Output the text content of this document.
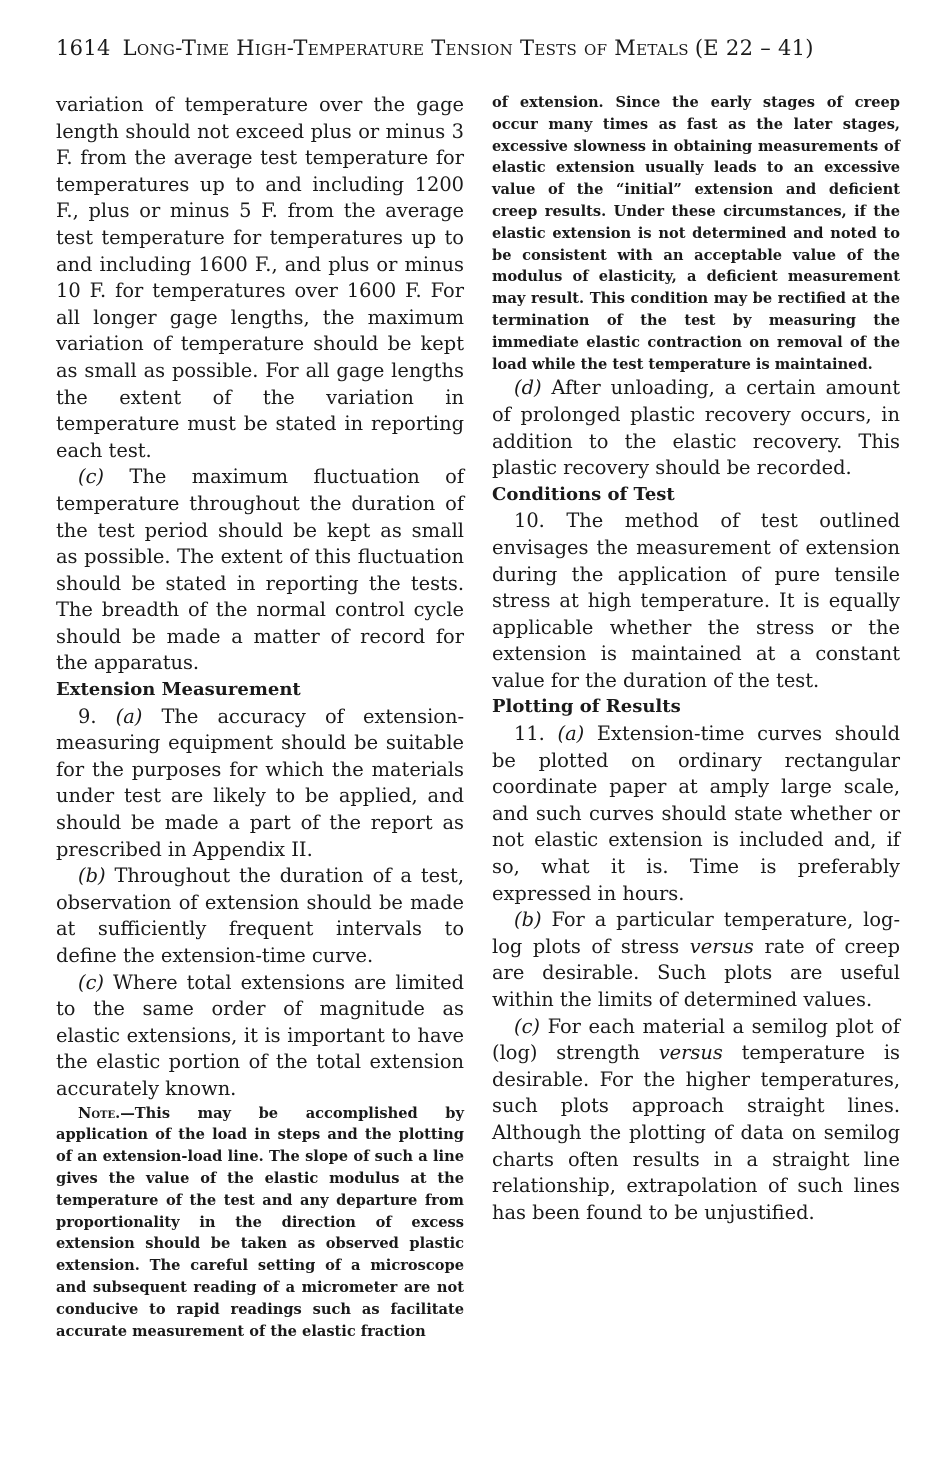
1614 Long-Time High-Temperature Tension Tests of Metals (E 22 – 41)

variation of temperature over the gage length should not exceed plus or minus 3 F. from the average test temperature for temperatures up to and including 1200 F., plus or minus 5 F. from the average test temperature for temperatures up to and including 1600 F., and plus or minus 10 F. for temperatures over 1600 F. For all longer gage lengths, the maximum variation of temperature should be kept as small as possible. For all gage lengths the extent of the variation in temperature must be stated in reporting each test.

(c) The maximum fluctuation of temperature throughout the duration of the test period should be kept as small as possible. The extent of this fluctuation should be stated in reporting the tests. The breadth of the normal control cycle should be made a matter of record for the apparatus.

Extension Measurement

9. (a) The accuracy of extension-measuring equipment should be suitable for the purposes for which the materials under test are likely to be applied, and should be made a part of the report as prescribed in Appendix II.

(b) Throughout the duration of a test, observation of extension should be made at sufficiently frequent intervals to define the extension-time curve.

(c) Where total extensions are limited to the same order of magnitude as elastic extensions, it is important to have the elastic portion of the total extension accurately known.

Note.—This may be accomplished by application of the load in steps and the plotting of an extension-load line. The slope of such a line gives the value of the elastic modulus at the temperature of the test and any departure from proportionality in the direction of excess extension should be taken as observed plastic extension. The careful setting of a microscope and subsequent reading of a micrometer are not conducive to rapid readings such as facilitate accurate measurement of the elastic fraction

of extension. Since the early stages of creep occur many times as fast as the later stages, excessive slowness in obtaining measurements of elastic extension usually leads to an excessive value of the “initial” extension and deficient creep results. Under these circumstances, if the elastic extension is not determined and noted to be consistent with an acceptable value of the modulus of elasticity, a deficient measurement may result. This condition may be rectified at the termination of the test by measuring the immediate elastic contraction on removal of the load while the test temperature is maintained.

(d) After unloading, a certain amount of prolonged plastic recovery occurs, in addition to the elastic recovery. This plastic recovery should be recorded.

Conditions of Test

10. The method of test outlined envisages the measurement of extension during the application of pure tensile stress at high temperature. It is equally applicable whether the stress or the extension is maintained at a constant value for the duration of the test.

Plotting of Results

11. (a) Extension-time curves should be plotted on ordinary rectangular coordinate paper at amply large scale, and such curves should state whether or not elastic extension is included and, if so, what it is. Time is preferably expressed in hours.

(b) For a particular temperature, log-log plots of stress versus rate of creep are desirable. Such plots are useful within the limits of determined values.

(c) For each material a semilog plot of (log) strength versus temperature is desirable. For the higher temperatures, such plots approach straight lines. Although the plotting of data on semilog charts often results in a straight line relationship, extrapolation of such lines has been found to be unjustified.
